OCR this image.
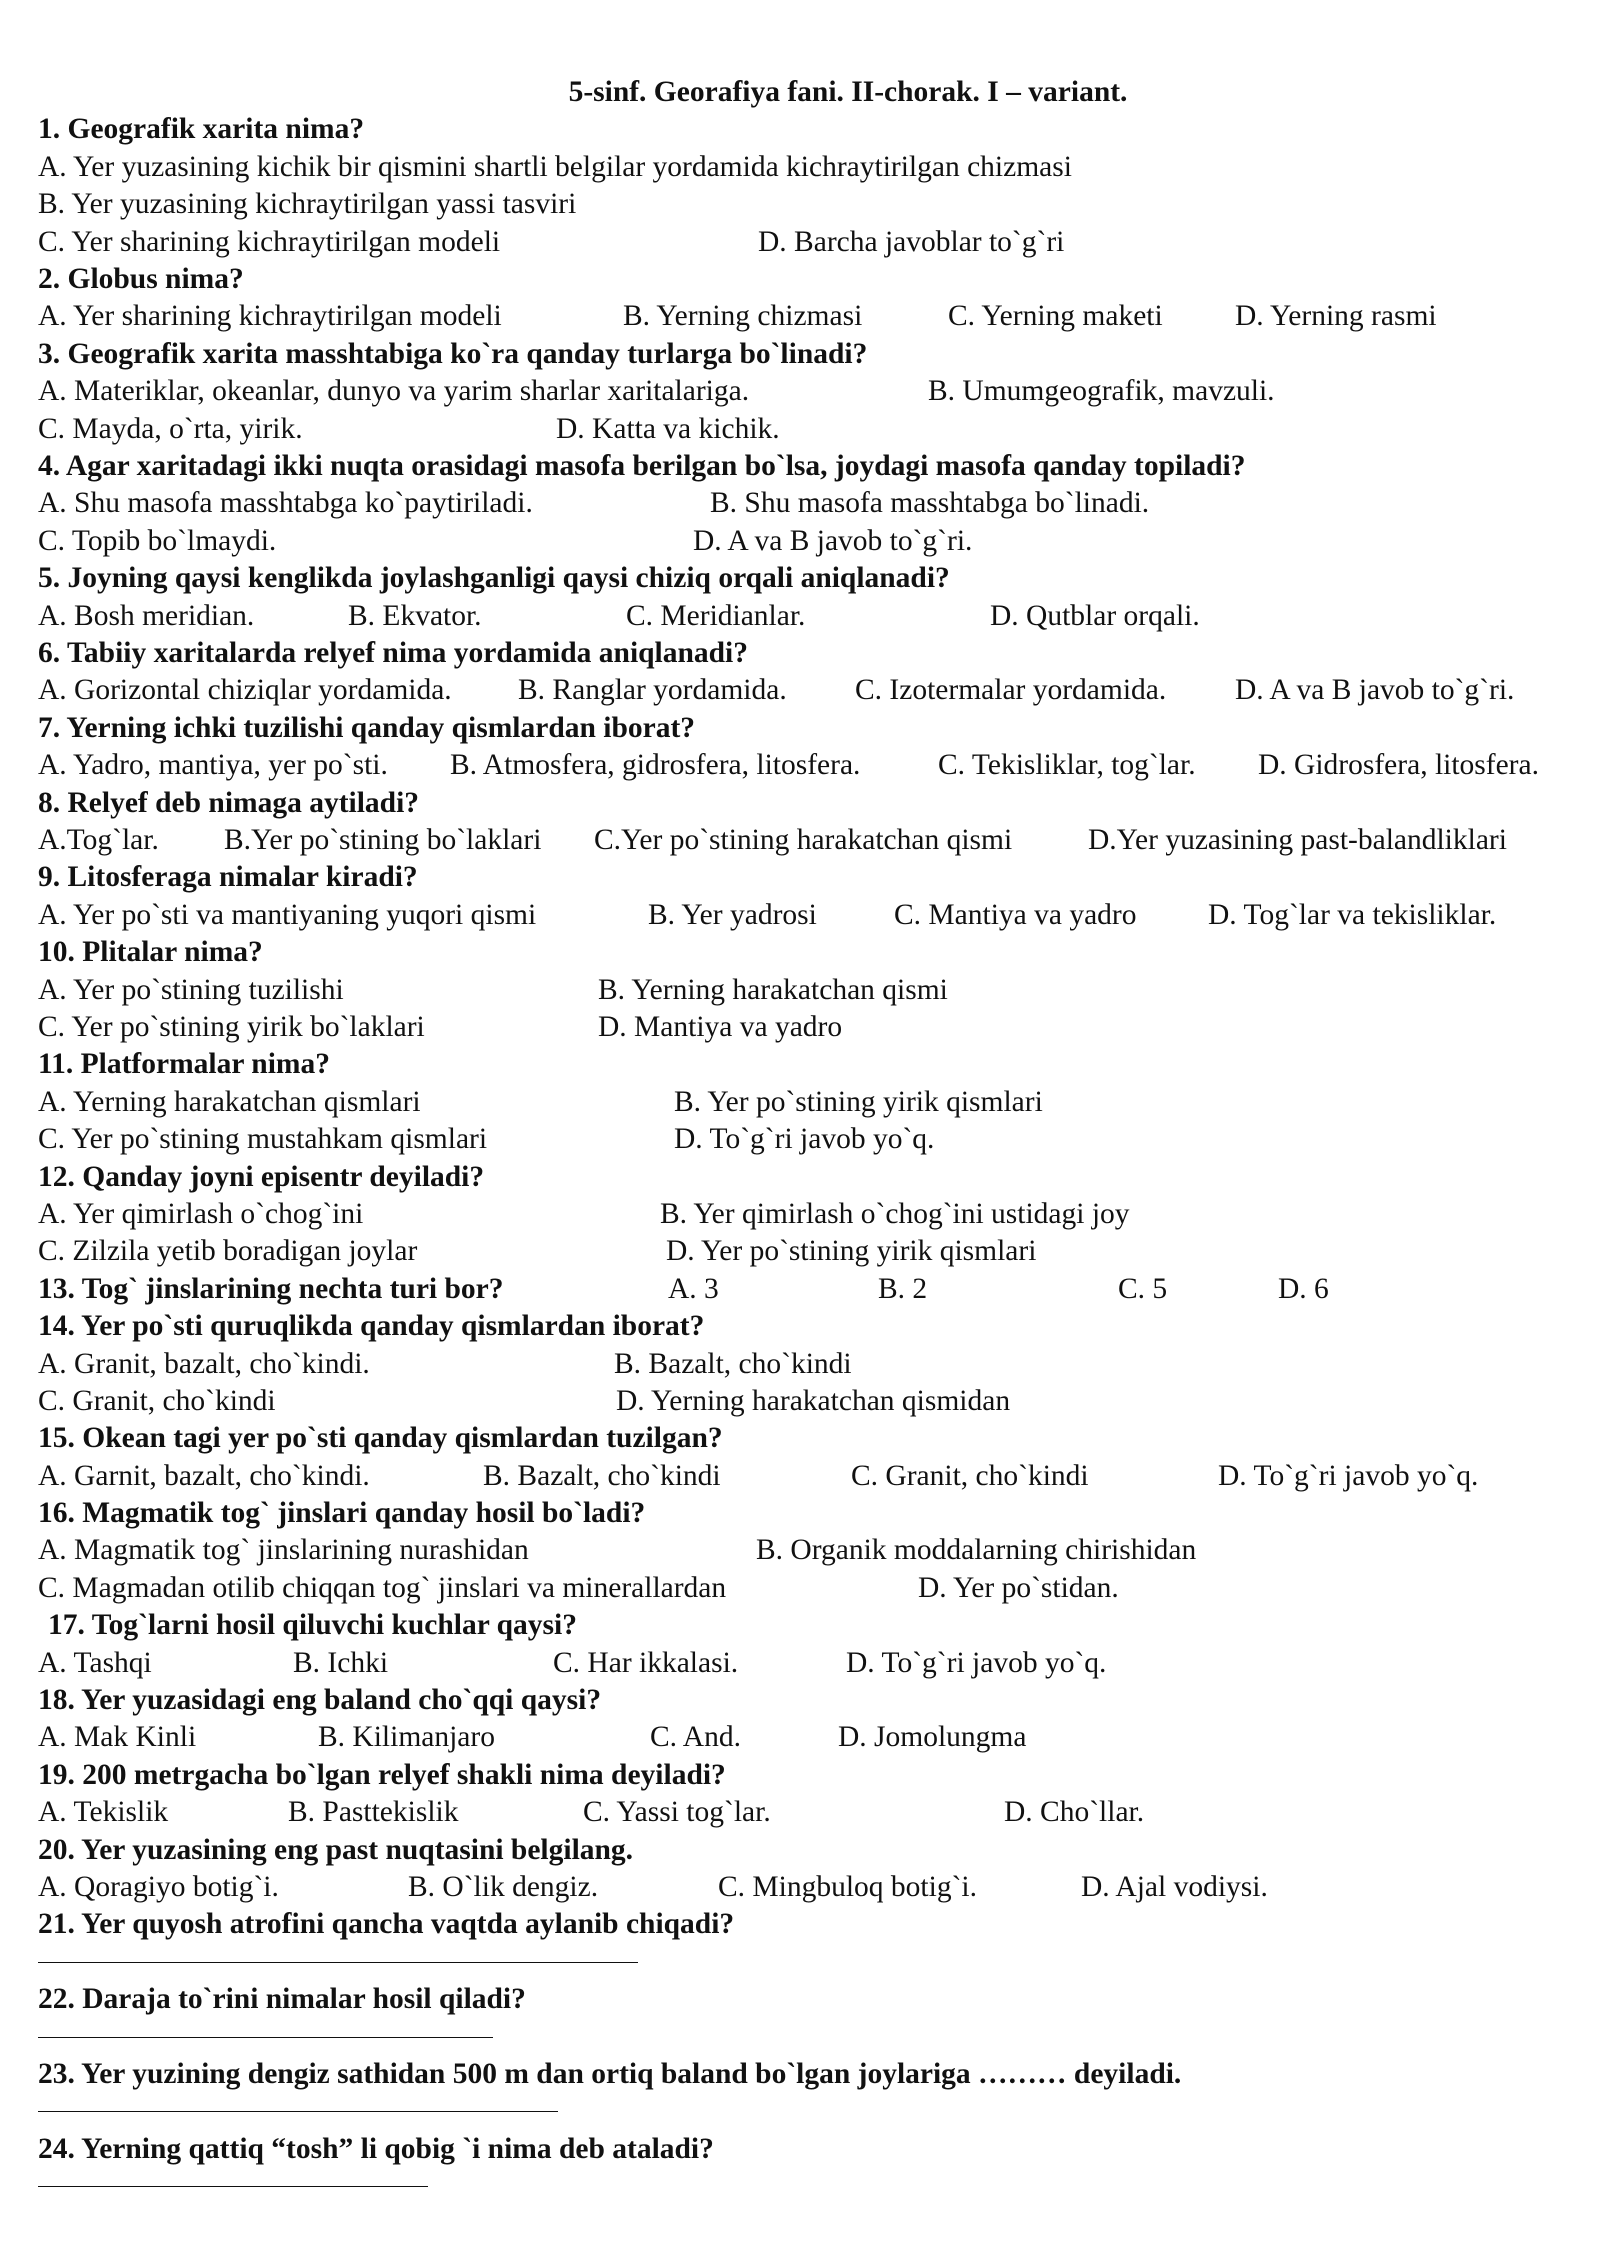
5-sinf. Georafiya fani. II-chorak. I – variant.
1. Geografik xarita nima?
A. Yer yuzasining kichik bir qismini shartli belgilar yordamida kichraytirilgan chizmasi
B. Yer yuzasining kichraytirilgan yassi tasviri
C. Yer sharining kichraytirilgan modeli	D. Barcha javoblar to`g`ri
2. Globus nima?
A. Yer sharining kichraytirilgan modeli	B. Yerning chizmasi	C. Yerning maketi D. Yerning rasmi
3. Geografik xarita masshtabiga ko`ra qanday turlarga bo`linadi?
A. Materiklar, okeanlar, dunyo va yarim sharlar xaritalariga.	B. Umumgeografik, mavzuli.
C. Mayda, o`rta, yirik.	D. Katta va kichik.
4. Agar xaritadagi ikki nuqta orasidagi masofa berilgan bo`lsa, joydagi masofa qanday topiladi?
A. Shu masofa masshtabga ko`paytiriladi.	B. Shu masofa masshtabga bo`linadi.
C. Topib bo`lmaydi.	D. A va B javob to`g`ri.
5. Joyning qaysi kenglikda joylashganligi qaysi chiziq orqali aniqlanadi?
A. Bosh meridian.	B. Ekvator.	C. Meridianlar.	D. Qutblar orqali.
6. Tabiiy xaritalarda relyef nima yordamida aniqlanadi?
A. Gorizontal chiziqlar yordamida. B. Ranglar yordamida. C. Izotermalar yordamida. D. A va B javob to`g`ri.
7. Yerning ichki tuzilishi qanday qismlardan iborat?
A. Yadro, mantiya, yer po`sti. B. Atmosfera, gidrosfera, litosfera.	C. Tekisliklar, tog`lar. D. Gidrosfera, litosfera.
8. Relyef deb nimaga aytiladi?
A.Tog`lar. B.Yer po`stining bo`laklari C.Yer po`stining harakatchan qismi	D.Yer yuzasining past-balandliklari
9. Litosferaga nimalar kiradi?
A. Yer po`sti va mantiyaning yuqori qismi	B. Yer yadrosi	C. Mantiya va yadro D. Tog`lar va tekisliklar.
10. Plitalar nima?
A. Yer po`stining tuzilishi	B. Yerning harakatchan qismi
C. Yer po`stining yirik bo`laklari	D. Mantiya va yadro
11. Platformalar nima?
A. Yerning harakatchan qismlari	B. Yer po`stining yirik qismlari
C. Yer po`stining mustahkam qismlari	D. To`g`ri javob yo`q.
12. Qanday joyni episentr deyiladi?
A. Yer qimirlash o`chog`ini	B. Yer qimirlash o`chog`ini ustidagi joy
C. Zilzila yetib boradigan joylar	D. Yer po`stining yirik qismlari
13. Tog` jinslarining nechta turi bor?	A. 3	B. 2	C. 5	D. 6
14. Yer po`sti quruqlikda qanday qismlardan iborat?
A. Granit, bazalt, cho`kindi.	B. Bazalt, cho`kindi
C. Granit, cho`kindi	D. Yerning harakatchan qismidan
15. Okean tagi yer po`sti qanday qismlardan tuzilgan?
A. Garnit, bazalt, cho`kindi.	B. Bazalt, cho`kindi	C. Granit, cho`kindi	D. To`g`ri javob yo`q.
16. Magmatik tog` jinslari qanday hosil bo`ladi?
A. Magmatik tog` jinslarining nurashidan	B. Organik moddalarning chirishidan
C. Magmadan otilib chiqqan tog` jinslari va minerallardan	D. Yer po`stidan.
17. Tog`larni hosil qiluvchi kuchlar qaysi?
A. Tashqi	B. Ichki	C. Har ikkalasi.	D. To`g`ri javob yo`q.
18. Yer yuzasidagi eng baland cho`qqi qaysi?
A. Mak Kinli	B. Kilimanjaro	C. And.	D. Jomolungma
19. 200 metrgacha bo`lgan relyef shakli nima deyiladi?
A. Tekislik	B. Pasttekislik	C. Yassi tog`lar.	D. Cho`llar.
20. Yer yuzasining eng past nuqtasini belgilang.
A. Qoragiyo botig`i.	B. O`lik dengiz.	C. Mingbuloq botig`i.	D. Ajal vodiysi.
21. Yer quyosh atrofini qancha vaqtda aylanib chiqadi?
22. Daraja to`rini nimalar hosil qiladi?
23. Yer yuzining dengiz sathidan 500 m dan ortiq baland bo`lgan joylariga ……… deyiladi.
24. Yerning qattiq “tosh” li qobig `i nima deb ataladi?
